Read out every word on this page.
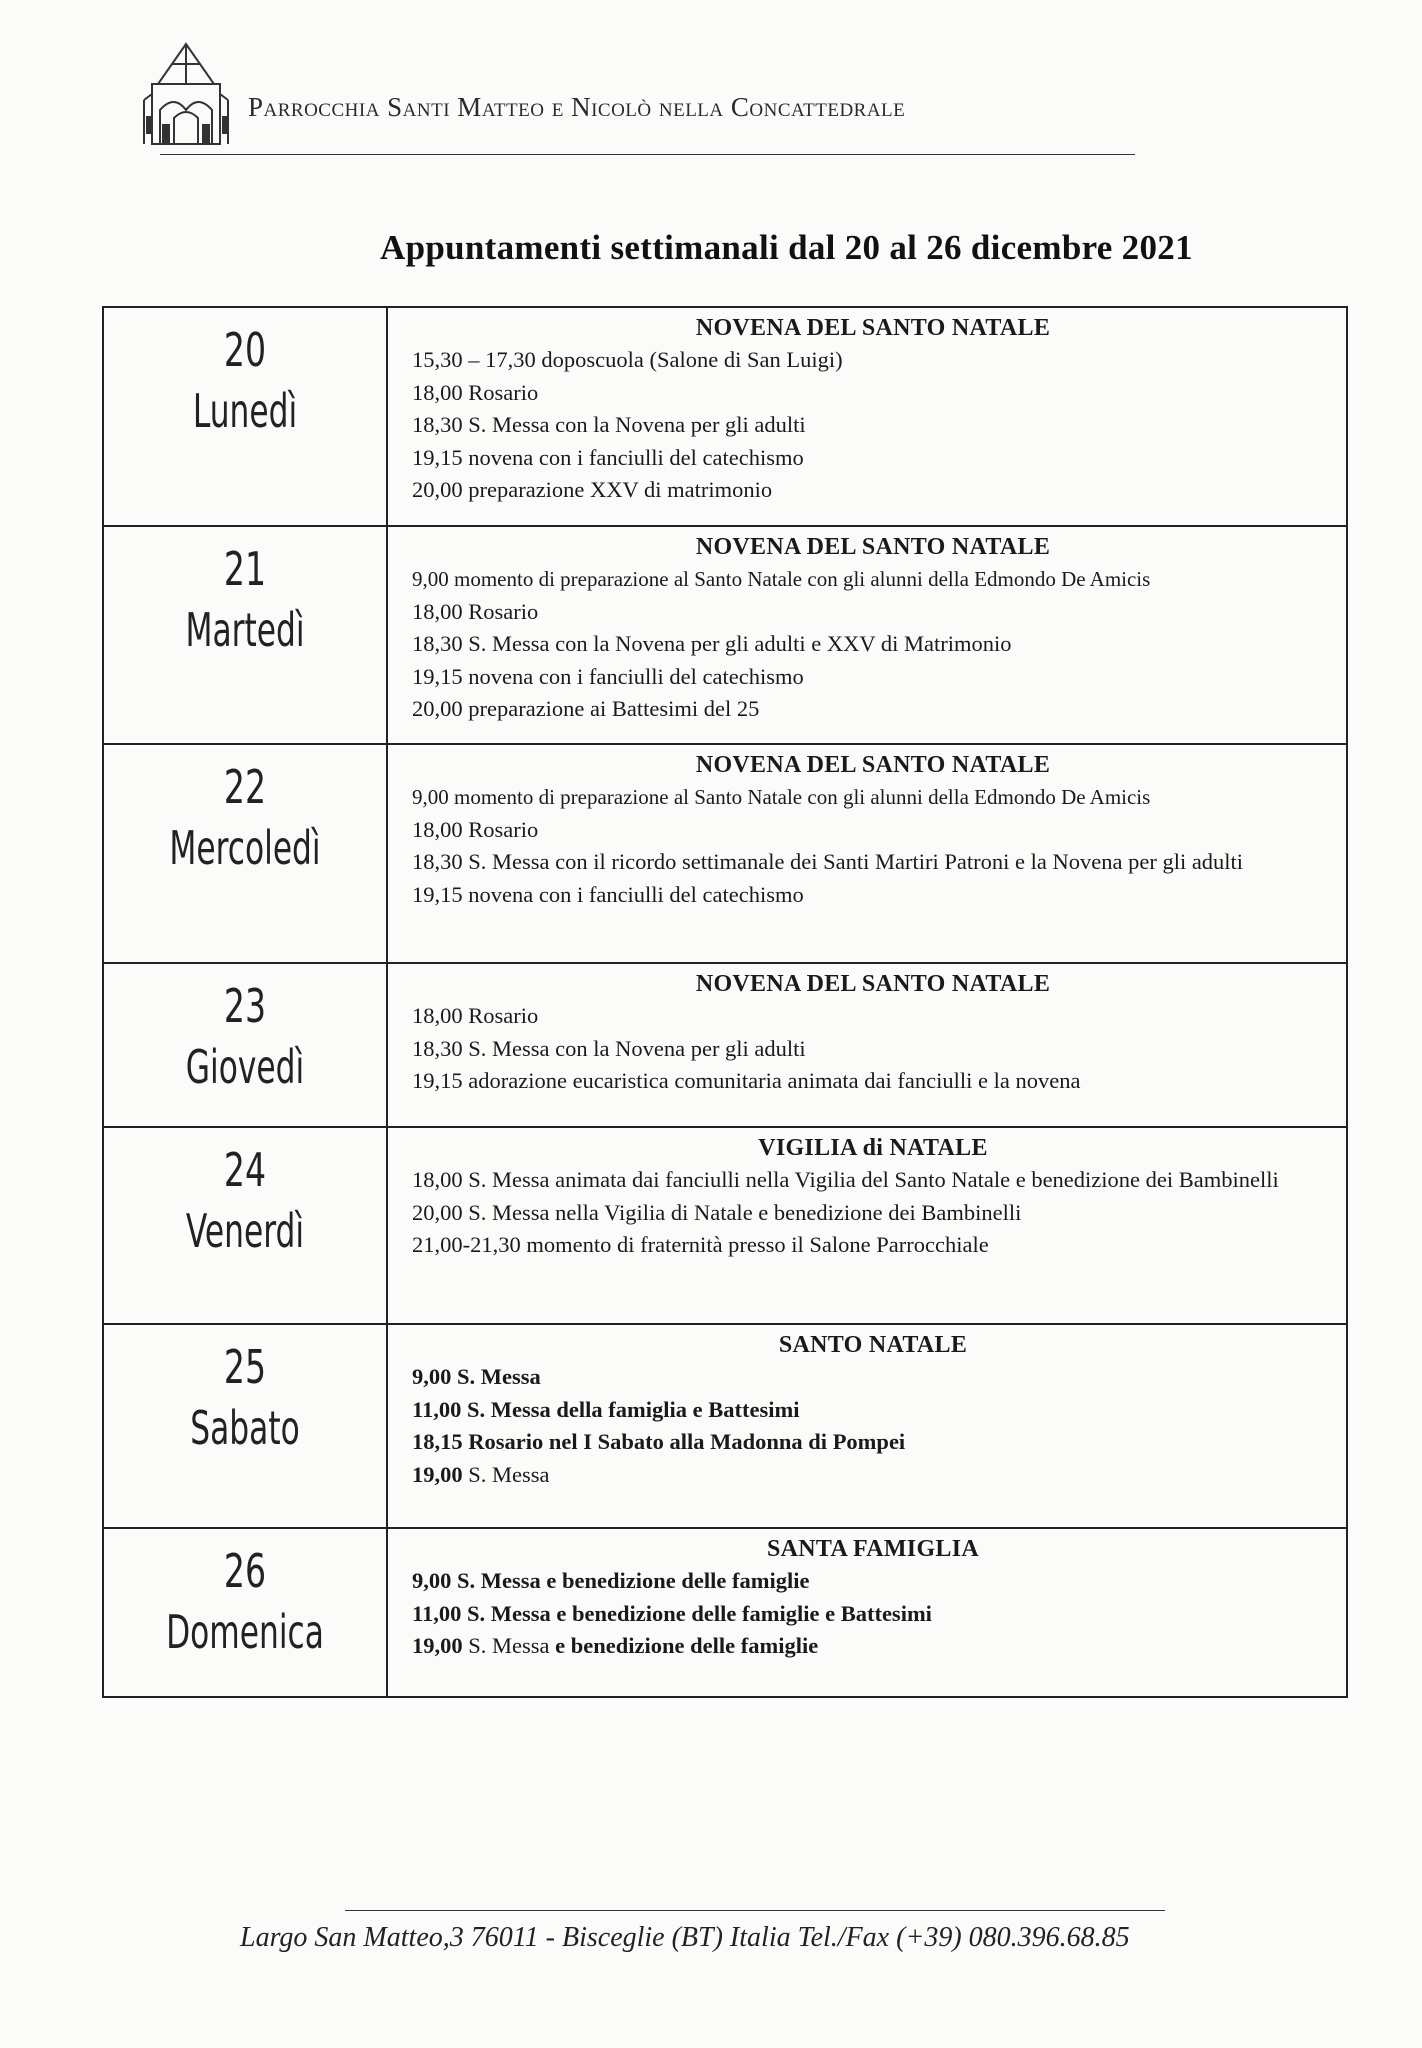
Parrocchia Santi Matteo e Nicolò nella Concattedrale
Appuntamenti settimanali dal 20 al 26 dicembre 2021
20
Lunedì
NOVENA DEL SANTO NATALE
15,30 – 17,30 doposcuola (Salone di San Luigi)
18,00 Rosario
18,30 S. Messa con la Novena per gli adulti
19,15 novena con i fanciulli del catechismo
20,00 preparazione XXV di matrimonio
21
Martedì
NOVENA DEL SANTO NATALE
9,00 momento di preparazione al Santo Natale con gli alunni della Edmondo De Amicis
18,00 Rosario
18,30 S. Messa con la Novena per gli adulti e XXV di Matrimonio
19,15 novena con i fanciulli del catechismo
20,00 preparazione ai Battesimi del 25
22
Mercoledì
NOVENA DEL SANTO NATALE
9,00 momento di preparazione al Santo Natale con gli alunni della Edmondo De Amicis
18,00 Rosario
18,30 S. Messa con il ricordo settimanale dei Santi Martiri Patroni e la Novena per gli adulti
19,15 novena con i fanciulli del catechismo
23
Giovedì
NOVENA DEL SANTO NATALE
18,00 Rosario
18,30 S. Messa con la Novena per gli adulti
19,15 adorazione eucaristica comunitaria animata dai fanciulli e la novena
24
Venerdì
VIGILIA di NATALE
18,00 S. Messa animata dai fanciulli nella Vigilia del Santo Natale e benedizione dei Bambinelli
20,00 S. Messa nella Vigilia di Natale e benedizione dei Bambinelli
21,00-21,30 momento di fraternità presso il Salone Parrocchiale
25
Sabato
SANTO NATALE
9,00 S. Messa
11,00 S. Messa della famiglia e Battesimi
18,15 Rosario nel I Sabato alla Madonna di Pompei
19,00 S. Messa
26
Domenica
SANTA FAMIGLIA
9,00 S. Messa e benedizione delle famiglie
11,00 S. Messa e benedizione delle famiglie e Battesimi
19,00 S. Messa e benedizione delle famiglie
Largo San Matteo,3 76011 - Bisceglie (BT) Italia Tel./Fax (+39) 080.396.68.85
